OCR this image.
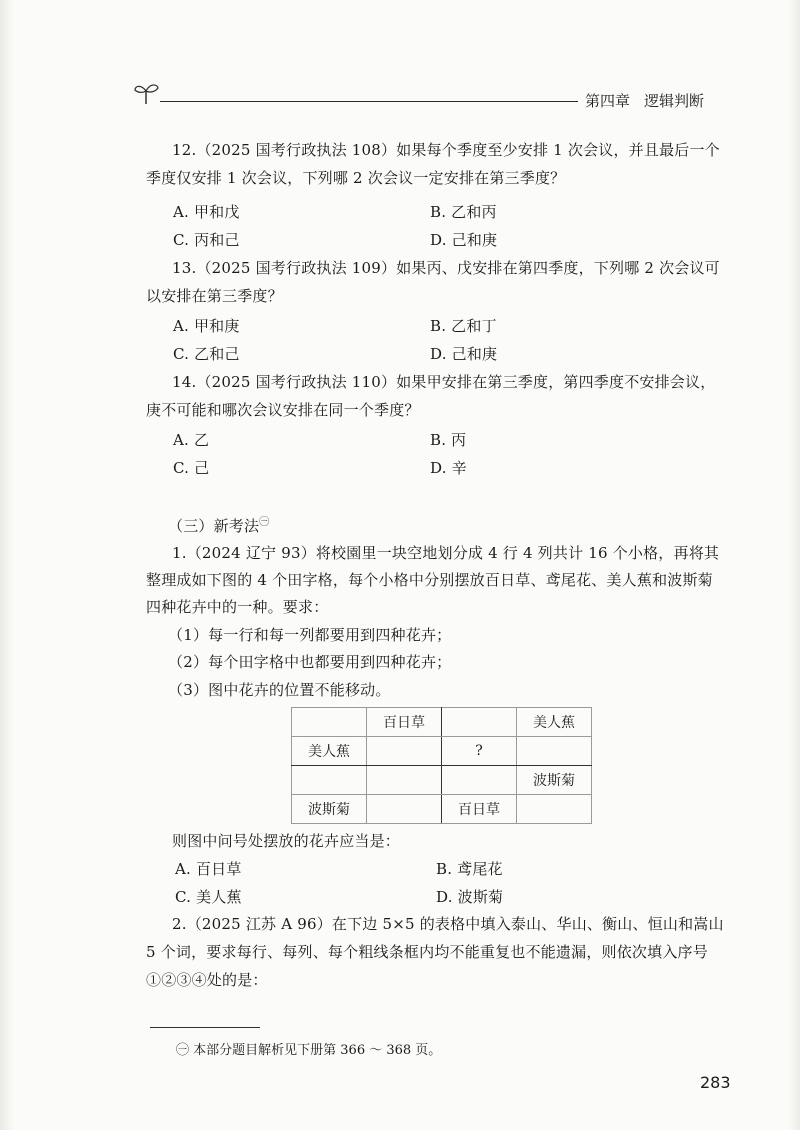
第四章 逻辑判断
12.（2025 国考行政执法 108）如果每个季度至少安排 1 次会议，并且最后一个
季度仅安排 1 次会议，下列哪 2 次会议一定安排在第三季度？
A. 甲和戊	B. 乙和丙
C. 丙和己	D. 己和庚
13.（2025 国考行政执法 109）如果丙、戊安排在第四季度，下列哪 2 次会议可
以安排在第三季度？
A. 甲和庚	B. 乙和丁
C. 乙和己	D. 己和庚
14.（2025 国考行政执法 110）如果甲安排在第三季度，第四季度不安排会议，
庚不可能和哪次会议安排在同一个季度？
A. 乙	B. 丙
C. 己	D. 辛
（三）新考法$^㊀$
1.（2024 辽宁 93）将校園里一块空地划分成 4 行 4 列共计 16 个小格，再将其
整理成如下图的 4 个田字格，每个小格中分别摆放百日草、鸢尾花、美人蕉和波斯菊
四种花卉中的一种。要求：
（1）每一行和每一列都要用到四种花卉；
（2）每个田字格中也都要用到四种花卉；
（3）图中花卉的位置不能移动。
	百日草		美人蕉
美人蕉		?	
			波斯菊
波斯菊		百日草	
则图中问号处摆放的花卉应当是：
A. 百日草	B. 鸢尾花
C. 美人蕉	D. 波斯菊
2.（2025 江苏 A 96）在下边 5×5 的表格中填入泰山、华山、衡山、恒山和嵩山
5 个词，要求每行、每列、每个粗线条框内均不能重复也不能遗漏，则依次填入序号
①②③④处的是：
㊀ 本部分题目解析见下册第 366 ～ 368 页。
283
